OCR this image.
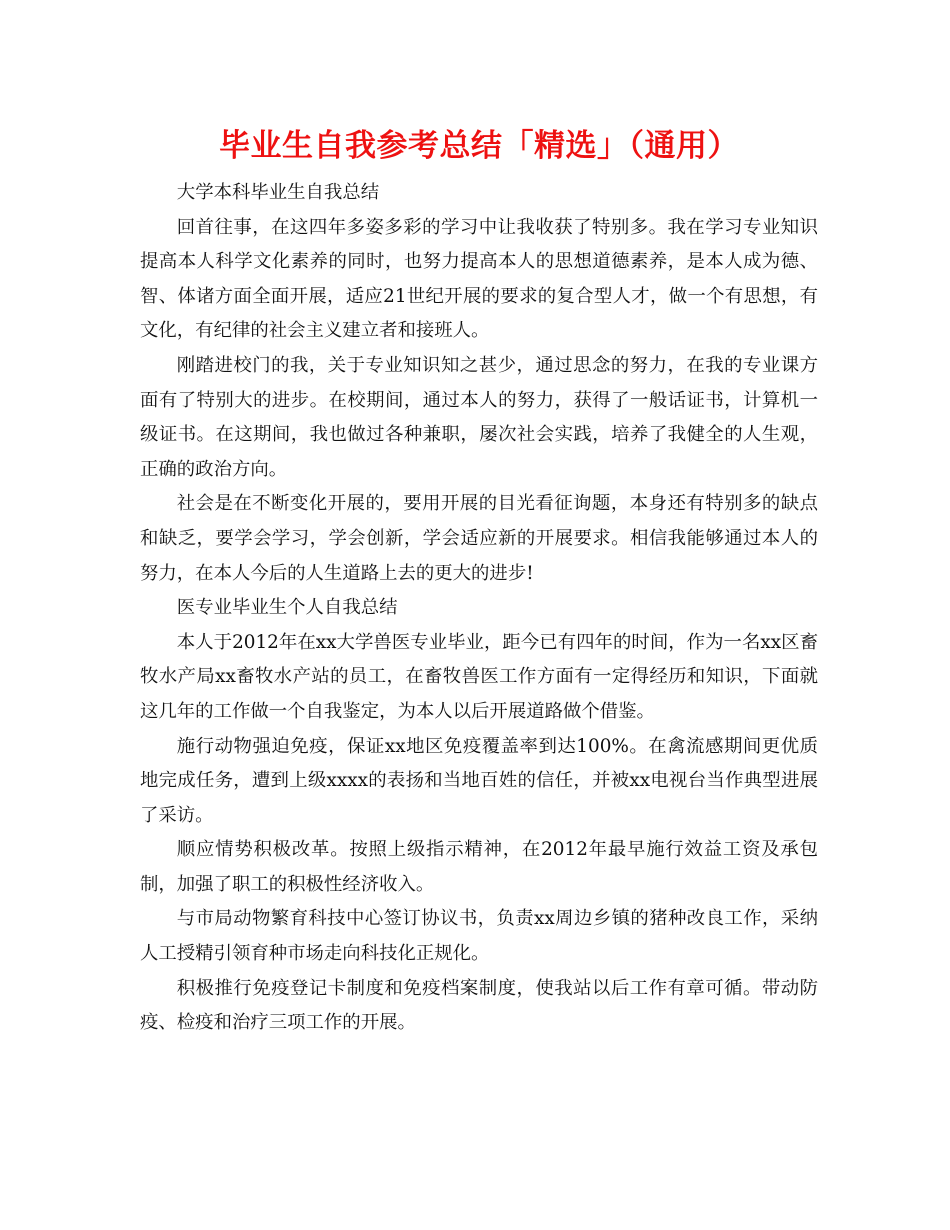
毕业生自我参考总结「精选」（通用）

大学本科毕业生自我总结

回首往事，在这四年多姿多彩的学习中让我收获了特别多。我在学习专业知识提高本人科学文化素养的同时，也努力提高本人的思想道德素养，是本人成为德、智、体诸方面全面开展，适应21世纪开展的要求的复合型人才，做一个有思想，有文化，有纪律的社会主义建立者和接班人。

刚踏进校门的我，关于专业知识知之甚少，通过思念的努力，在我的专业课方面有了特别大的进步。在校期间，通过本人的努力，获得了一般话证书，计算机一级证书。在这期间，我也做过各种兼职，屡次社会实践，培养了我健全的人生观，正确的政治方向。

社会是在不断变化开展的，要用开展的目光看征询题，本身还有特别多的缺点和缺乏，要学会学习，学会创新，学会适应新的开展要求。相信我能够通过本人的努力，在本人今后的人生道路上去的更大的进步!

医专业毕业生个人自我总结

本人于2012年在xx大学兽医专业毕业，距今已有四年的时间，作为一名xx区畜牧水产局xx畜牧水产站的员工，在畜牧兽医工作方面有一定得经历和知识，下面就这几年的工作做一个自我鉴定，为本人以后开展道路做个借鉴。

施行动物强迫免疫，保证xx地区免疫覆盖率到达100%。在禽流感期间更优质地完成任务，遭到上级xxxx的表扬和当地百姓的信任，并被xx电视台当作典型进展了采访。

顺应情势积极改革。按照上级指示精神，在2012年最早施行效益工资及承包制，加强了职工的积极性经济收入。

与市局动物繁育科技中心签订协议书，负责xx周边乡镇的猪种改良工作，采纳人工授精引领育种市场走向科技化正规化。

积极推行免疫登记卡制度和免疫档案制度，使我站以后工作有章可循。带动防疫、检疫和治疗三项工作的开展。
